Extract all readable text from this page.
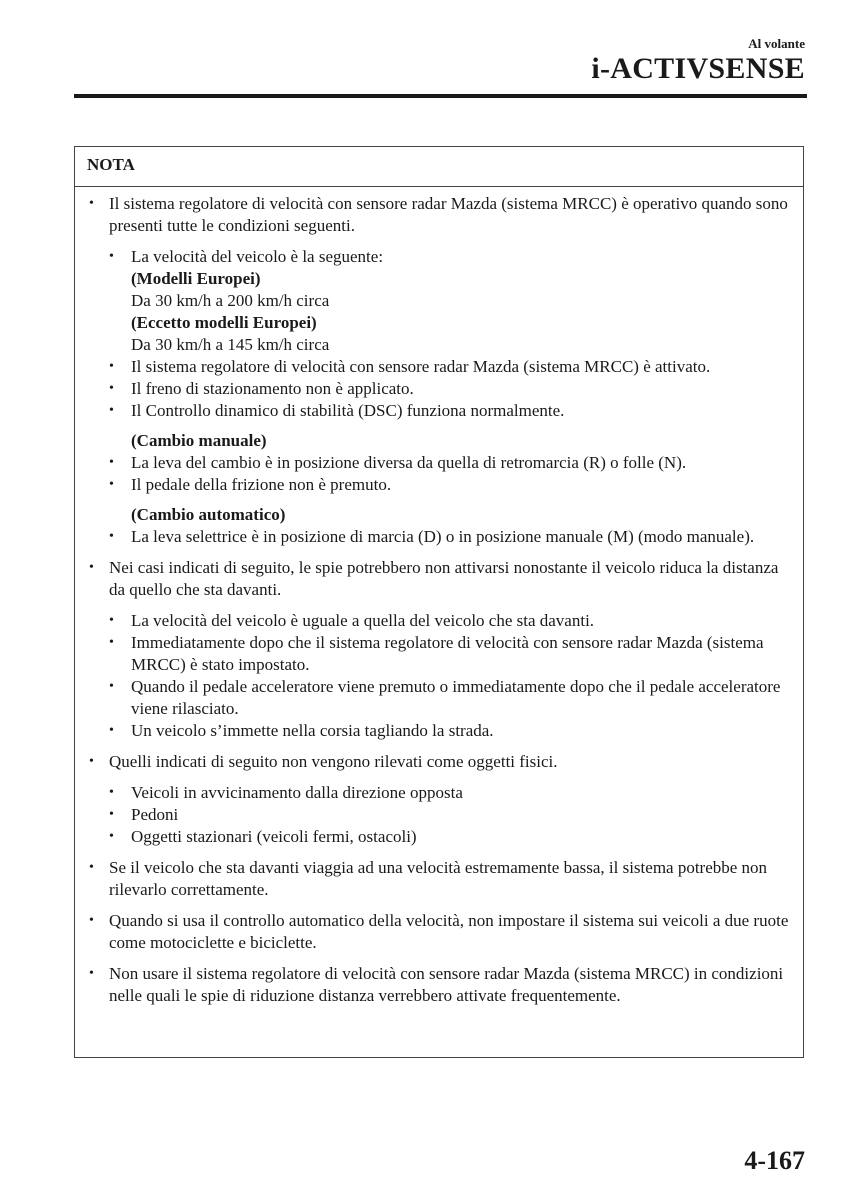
Al volante
i-ACTIVSENSE
NOTA
• Il sistema regolatore di velocità con sensore radar Mazda (sistema MRCC) è operativo quando sono presenti tutte le condizioni seguenti.
• La velocità del veicolo è la seguente:
(Modelli Europei)
Da 30 km/h a 200 km/h circa
(Eccetto modelli Europei)
Da 30 km/h a 145 km/h circa
• Il sistema regolatore di velocità con sensore radar Mazda (sistema MRCC) è attivato.
• Il freno di stazionamento non è applicato.
• Il Controllo dinamico di stabilità (DSC) funziona normalmente.
(Cambio manuale)
• La leva del cambio è in posizione diversa da quella di retromarcia (R) o folle (N).
• Il pedale della frizione non è premuto.
(Cambio automatico)
• La leva selettrice è in posizione di marcia (D) o in posizione manuale (M) (modo manuale).
• Nei casi indicati di seguito, le spie potrebbero non attivarsi nonostante il veicolo riduca la distanza da quello che sta davanti.
• La velocità del veicolo è uguale a quella del veicolo che sta davanti.
• Immediatamente dopo che il sistema regolatore di velocità con sensore radar Mazda (sistema MRCC) è stato impostato.
• Quando il pedale acceleratore viene premuto o immediatamente dopo che il pedale acceleratore viene rilasciato.
• Un veicolo s’immette nella corsia tagliando la strada.
• Quelli indicati di seguito non vengono rilevati come oggetti fisici.
• Veicoli in avvicinamento dalla direzione opposta
• Pedoni
• Oggetti stazionari (veicoli fermi, ostacoli)
• Se il veicolo che sta davanti viaggia ad una velocità estremamente bassa, il sistema potrebbe non rilevarlo correttamente.
• Quando si usa il controllo automatico della velocità, non impostare il sistema sui veicoli a due ruote come motociclette e biciclette.
• Non usare il sistema regolatore di velocità con sensore radar Mazda (sistema MRCC) in condizioni nelle quali le spie di riduzione distanza verrebbero attivate frequentemente.
4-167
